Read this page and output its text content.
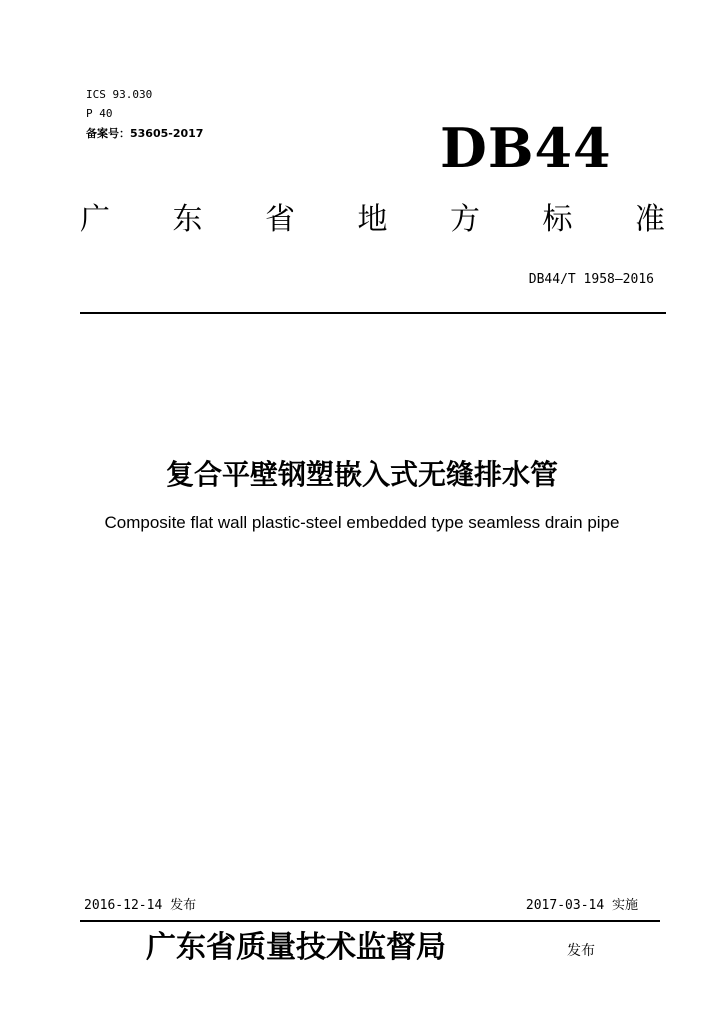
ICS 93.030
P 40
备案号：53605-2017	DB44
广 东 省 地 方 标 准
DB44/T 1958—2016
复合平壁钢塑嵌入式无缝排水管
Composite flat wall plastic-steel embedded type seamless drain pipe
2016-12-14 发布	2017-03-14 实施
广东省质量技术监督局	发布
